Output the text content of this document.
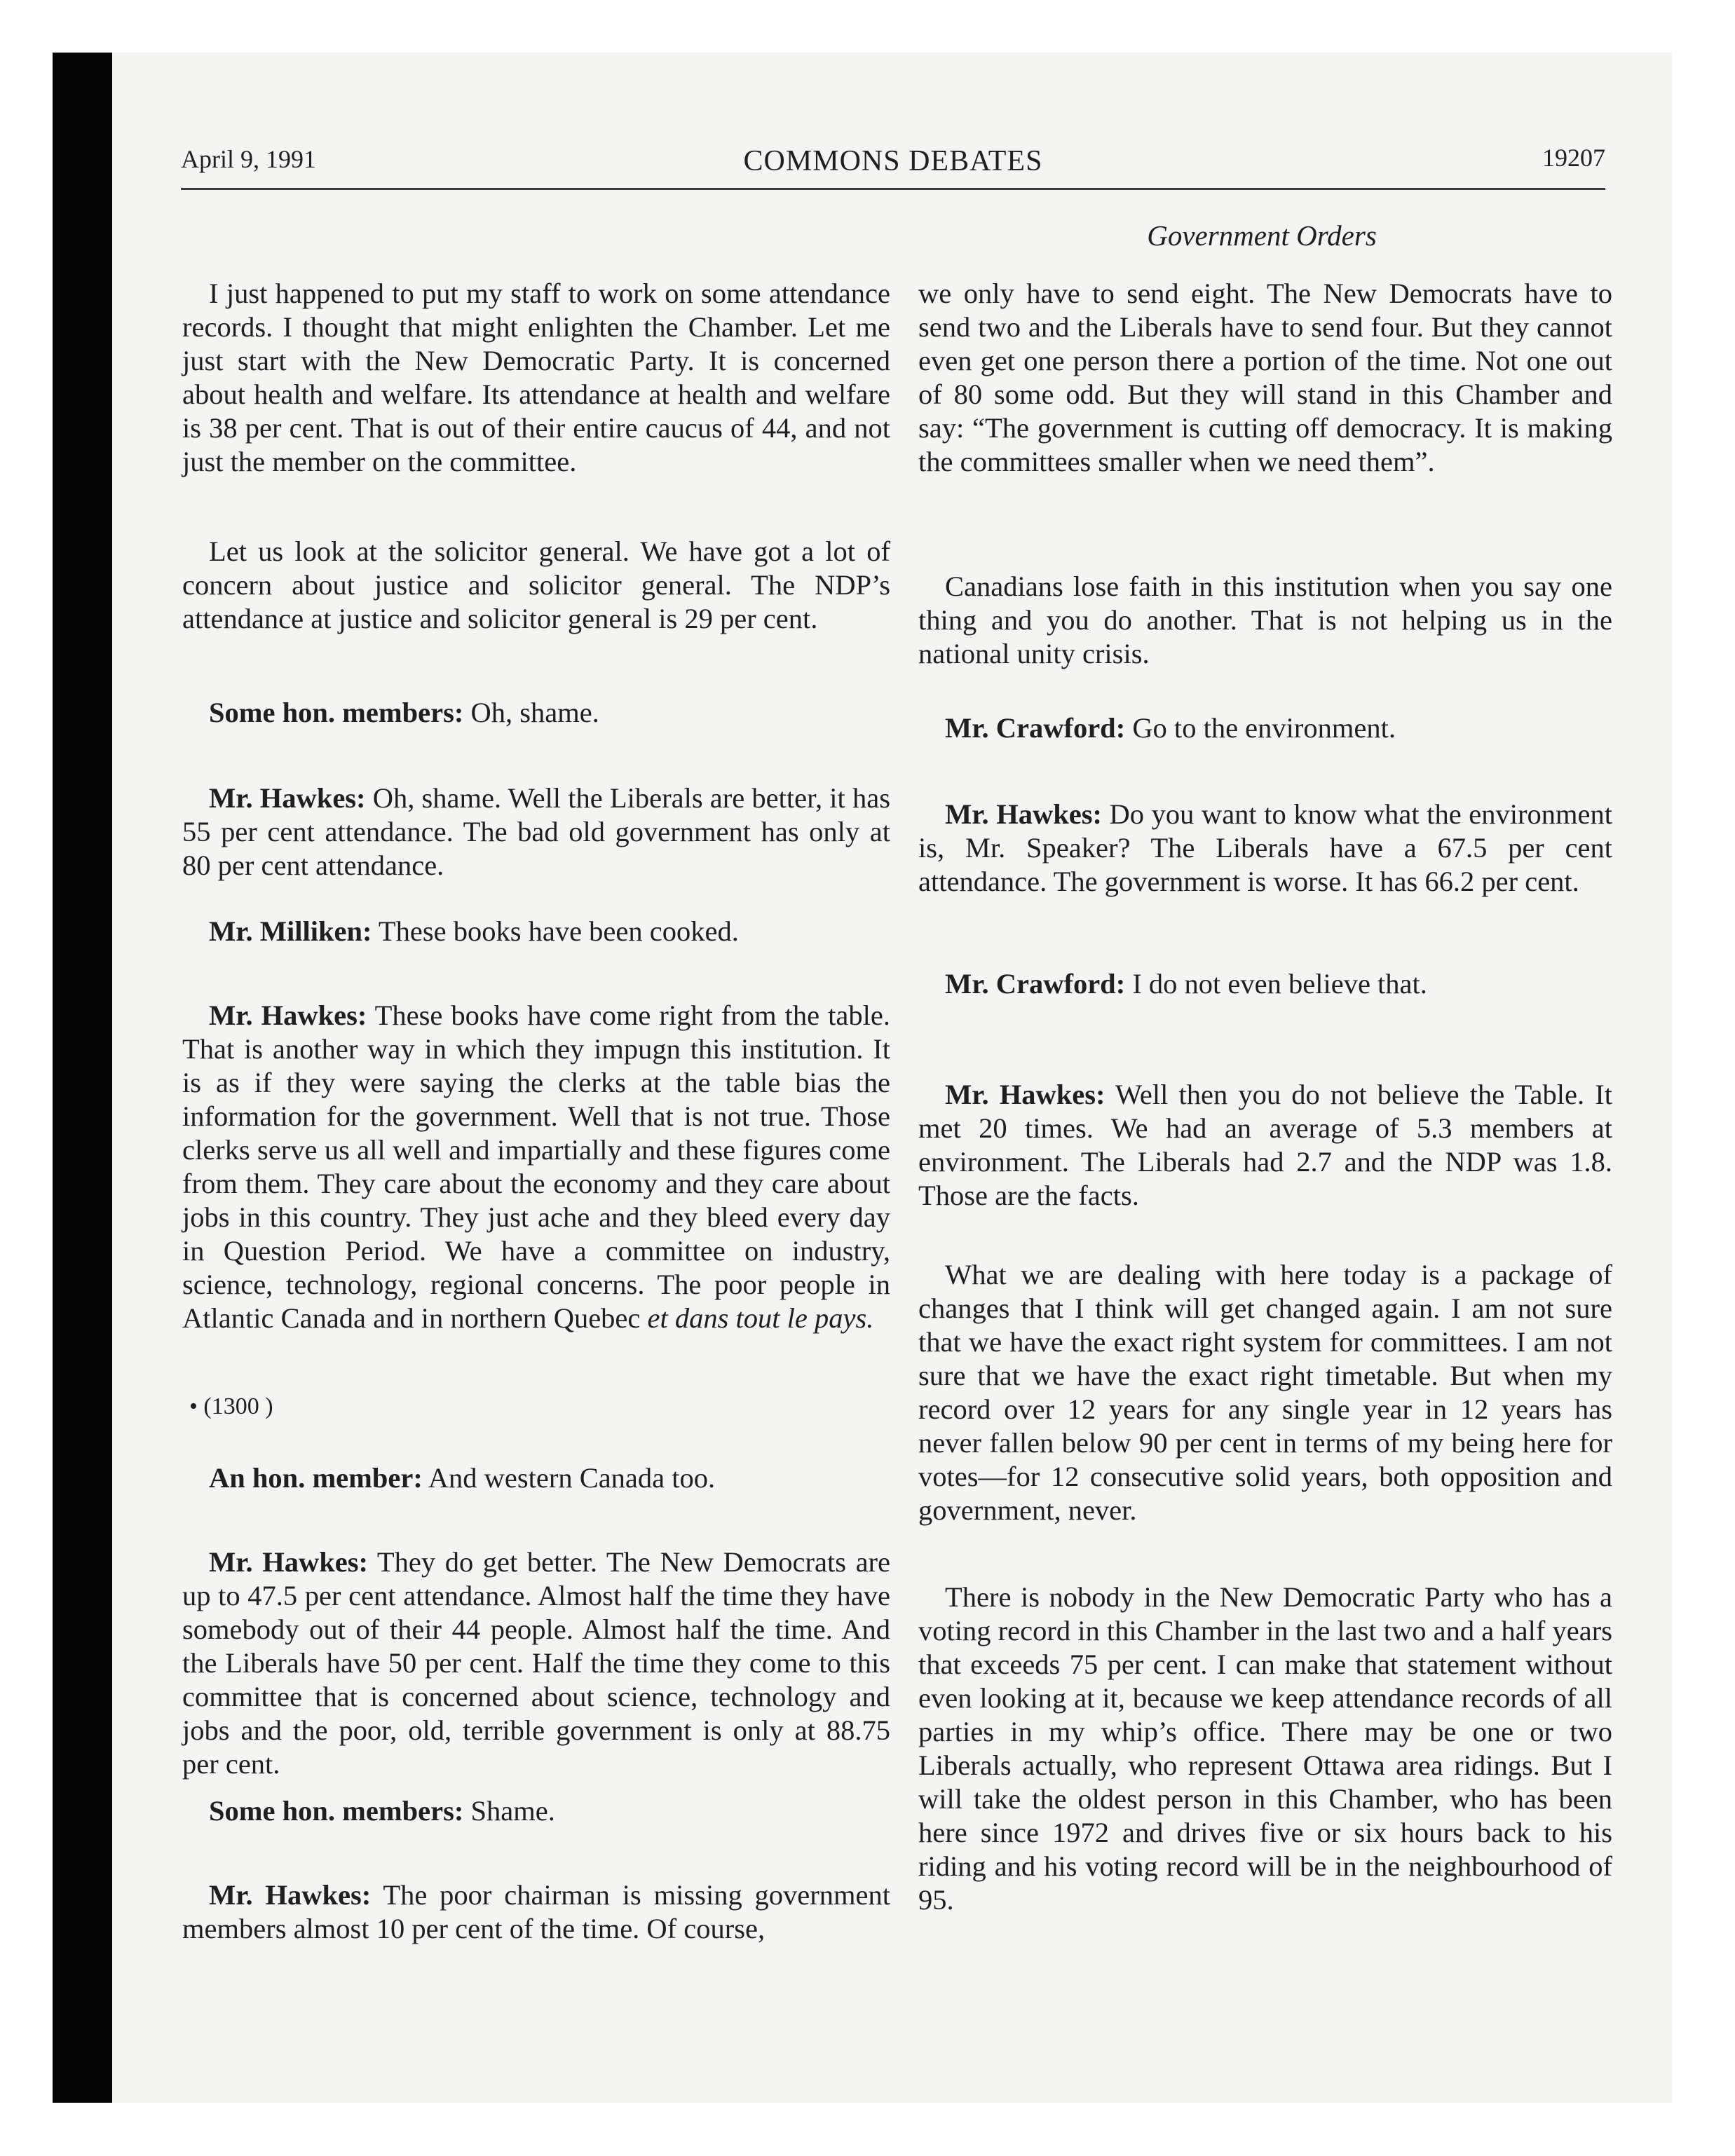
April 9, 1991	COMMONS DEBATES	19207
Government Orders

I just happened to put my staff to work on some attendance records. I thought that might enlighten the Chamber. Let me just start with the New Democratic Party. It is concerned about health and welfare. Its attendance at health and welfare is 38 per cent. That is out of their entire caucus of 44, and not just the member on the committee.

Let us look at the solicitor general. We have got a lot of concern about justice and solicitor general. The NDP’s attendance at justice and solicitor general is 29 per cent.

Some hon. members: Oh, shame.

Mr. Hawkes: Oh, shame. Well the Liberals are better, it has 55 per cent attendance. The bad old government has only at 80 per cent attendance.

Mr. Milliken: These books have been cooked.

Mr. Hawkes: These books have come right from the table. That is another way in which they impugn this institution. It is as if they were saying the clerks at the table bias the information for the government. Well that is not true. Those clerks serve us all well and impartially and these figures come from them. They care about the economy and they care about jobs in this country. They just ache and they bleed every day in Question Period. We have a committee on industry, science, technology, regional concerns. The poor people in Atlantic Canada and in northern Quebec et dans tout le pays.

• (1300 )

An hon. member: And western Canada too.

Mr. Hawkes: They do get better. The New Democrats are up to 47.5 per cent attendance. Almost half the time they have somebody out of their 44 people. Almost half the time. And the Liberals have 50 per cent. Half the time they come to this committee that is concerned about science, technology and jobs and the poor, old, terrible government is only at 88.75 per cent.

Some hon. members: Shame.

Mr. Hawkes: The poor chairman is missing government members almost 10 per cent of the time. Of course,

we only have to send eight. The New Democrats have to send two and the Liberals have to send four. But they cannot even get one person there a portion of the time. Not one out of 80 some odd. But they will stand in this Chamber and say: “The government is cutting off democracy. It is making the committees smaller when we need them”.

Canadians lose faith in this institution when you say one thing and you do another. That is not helping us in the national unity crisis.

Mr. Crawford: Go to the environment.

Mr. Hawkes: Do you want to know what the environment is, Mr. Speaker? The Liberals have a 67.5 per cent attendance. The government is worse. It has 66.2 per cent.

Mr. Crawford: I do not even believe that.

Mr. Hawkes: Well then you do not believe the Table. It met 20 times. We had an average of 5.3 members at environment. The Liberals had 2.7 and the NDP was 1.8. Those are the facts.

What we are dealing with here today is a package of changes that I think will get changed again. I am not sure that we have the exact right system for committees. I am not sure that we have the exact right timetable. But when my record over 12 years for any single year in 12 years has never fallen below 90 per cent in terms of my being here for votes—for 12 consecutive solid years, both opposition and government, never.

There is nobody in the New Democratic Party who has a voting record in this Chamber in the last two and a half years that exceeds 75 per cent. I can make that statement without even looking at it, because we keep attendance records of all parties in my whip’s office. There may be one or two Liberals actually, who represent Ottawa area ridings. But I will take the oldest person in this Chamber, who has been here since 1972 and drives five or six hours back to his riding and his voting record will be in the neighbourhood of 95.
